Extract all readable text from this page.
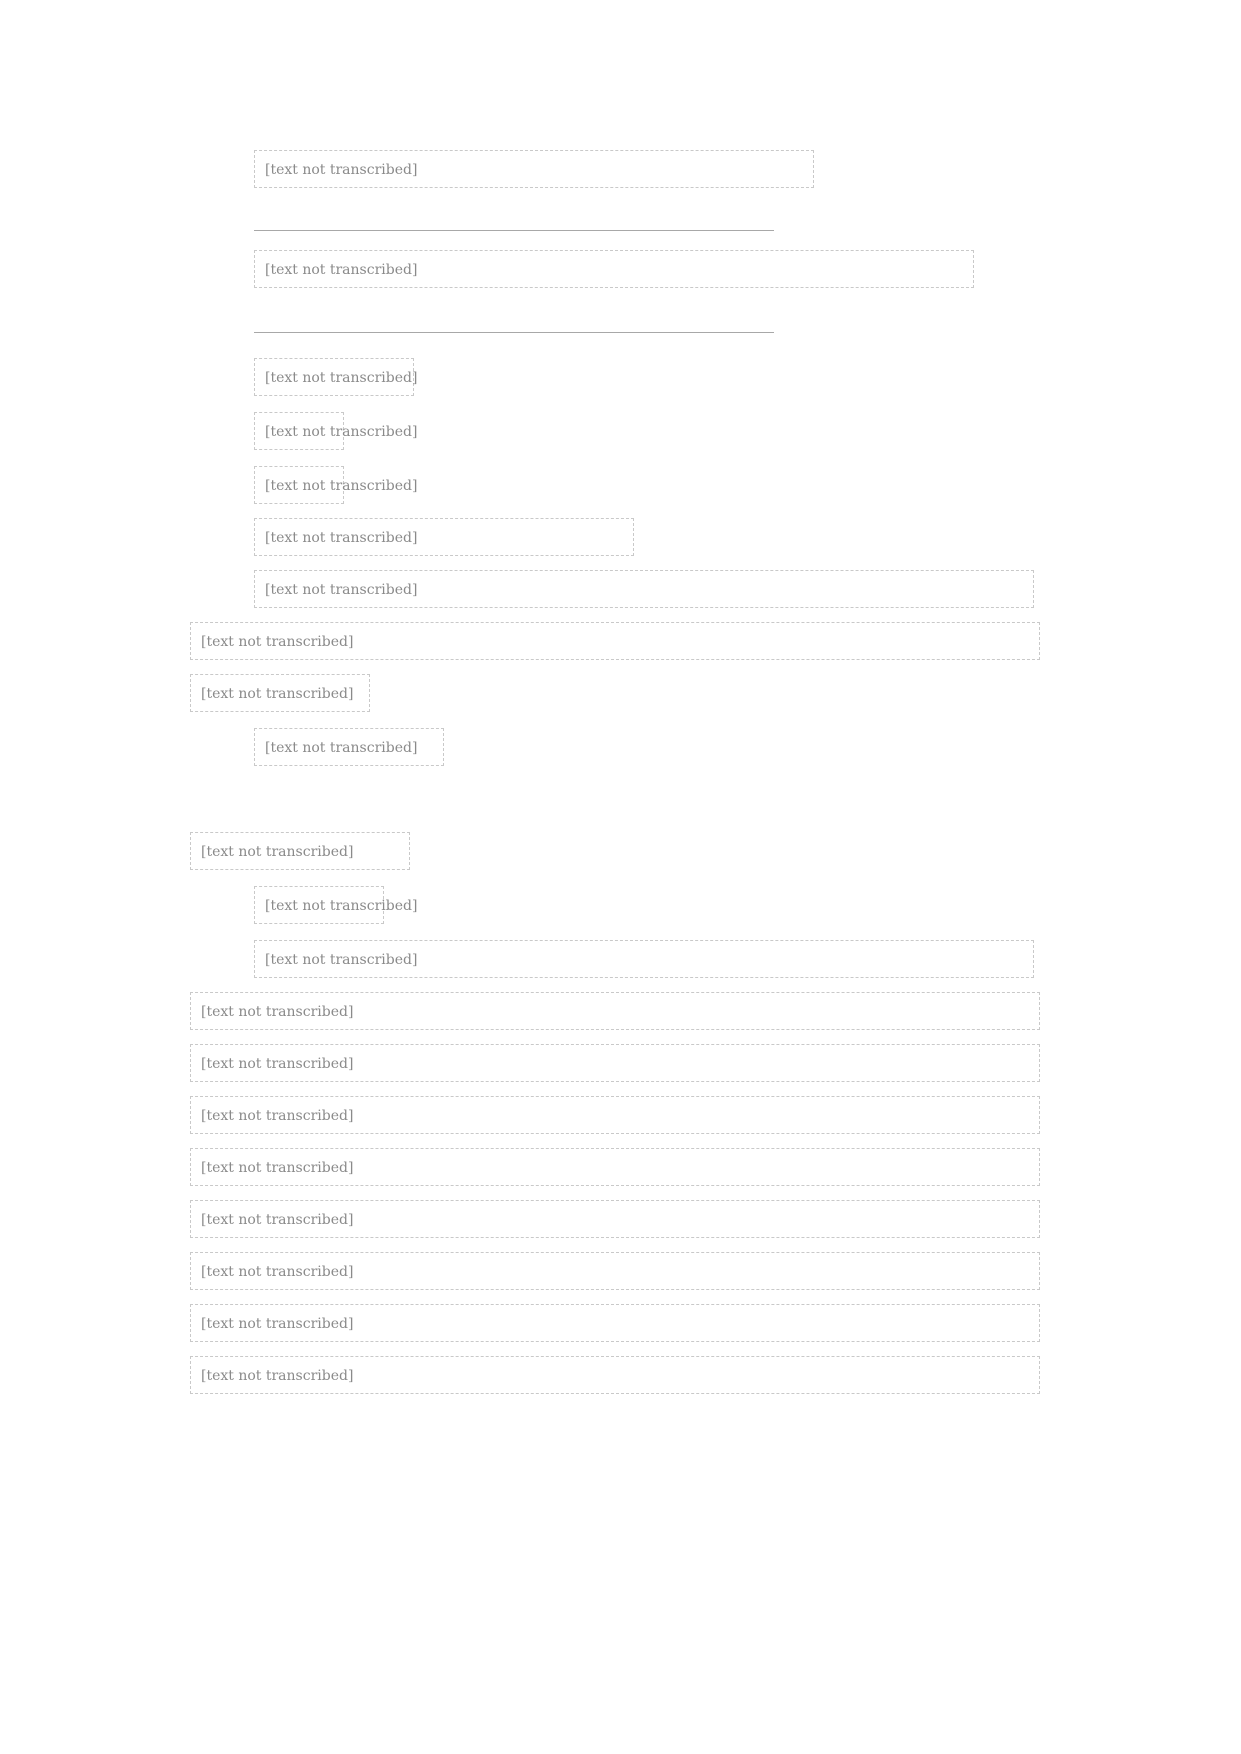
[text not transcribed]
[text not transcribed]
[text not transcribed]
[text not transcribed]
[text not transcribed]
[text not transcribed]
[text not transcribed]
[text not transcribed]
[text not transcribed]
[text not transcribed]
[text not transcribed]
[text not transcribed]
[text not transcribed]
[text not transcribed]
[text not transcribed]
[text not transcribed]
[text not transcribed]
[text not transcribed]
[text not transcribed]
[text not transcribed]
[text not transcribed]
